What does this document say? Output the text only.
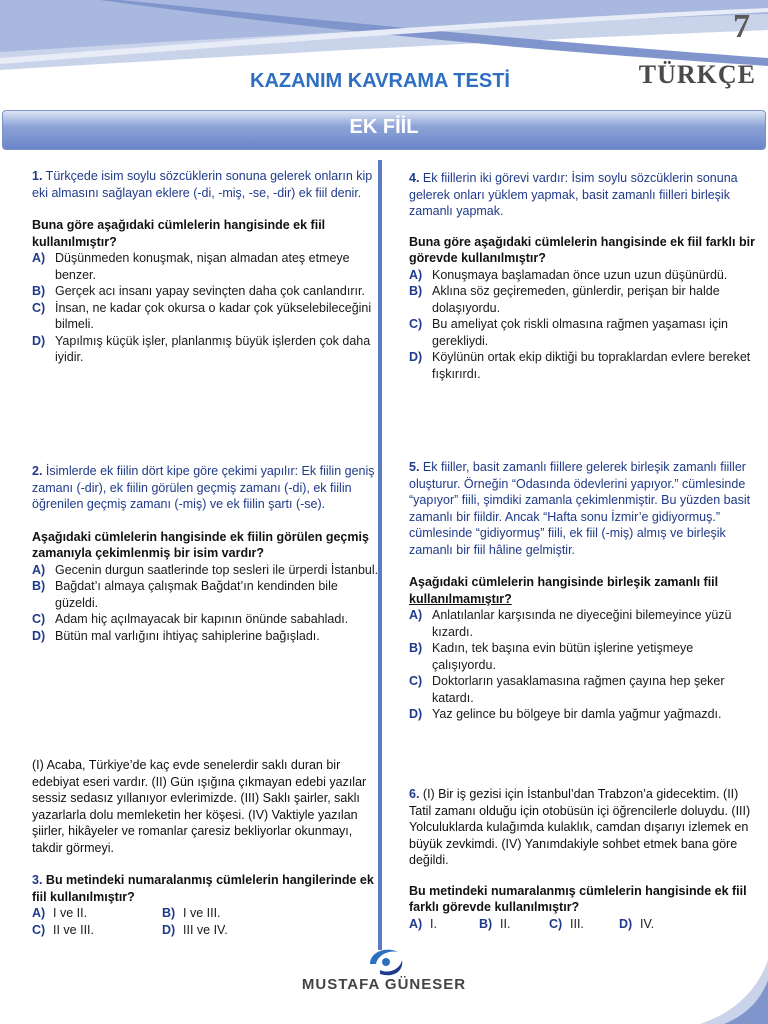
7
TÜRKÇE
KAZANIM KAVRAMA TESTİ
EK FİİL
1. Türkçede isim soylu sözcüklerin sonuna gelerek onların kip eki almasını sağlayan eklere (-di, -miş, -se, -dir) ek fiil denir.
Buna göre aşağıdaki cümlelerin hangisinde ek fiil kullanılmıştır?
A) Düşünmeden konuşmak, nişan almadan ateş etmeye benzer.
B) Gerçek acı insanı yapay sevinçten daha çok canlandırır.
C) İnsan, ne kadar çok okursa o kadar çok yükselebileceğini bilmeli.
D) Yapılmış küçük işler, planlanmış büyük işlerden çok daha iyidir.
2. İsimlerde ek fiilin dört kipe göre çekimi yapılır: Ek fiilin geniş zamanı (-dir), ek fiilin görülen geçmiş zamanı (-di), ek fiilin öğrenilen geçmiş zamanı (-miş) ve ek fiilin şartı (-se).
Aşağıdaki cümlelerin hangisinde ek fiilin görülen geçmiş zamanıyla çekimlenmiş bir isim vardır?
A) Gecenin durgun saatlerinde top sesleri ile ürperdi İstanbul.
B) Bağdat’ı almaya çalışmak Bağdat’ın kendinden bile güzeldi.
C) Adam hiç açılmayacak bir kapının önünde sabahladı.
D) Bütün mal varlığını ihtiyaç sahiplerine bağışladı.
(I) Acaba, Türkiye’de kaç evde senelerdir saklı duran bir edebiyat eseri vardır. (II) Gün ışığına çıkmayan edebi yazılar sessiz sedasız yıllanıyor evlerimizde. (III) Saklı şairler, saklı yazarlarla dolu memleketin her köşesi. (IV) Vaktiyle yazılan şiirler, hikâyeler ve romanlar çaresiz bekliyorlar okunmayı, takdir görmeyi.
3. Bu metindeki numaralanmış cümlelerin hangilerinde ek fiil kullanılmıştır?
A) I ve II.	B) I ve III.
C) II ve III.	D) III ve IV.
4. Ek fiillerin iki görevi vardır: İsim soylu sözcüklerin sonuna gelerek onları yüklem yapmak, basit zamanlı fiilleri birleşik zamanlı yapmak.
Buna göre aşağıdaki cümlelerin hangisinde ek fiil farklı bir görevde kullanılmıştır?
A) Konuşmaya başlamadan önce uzun uzun düşünürdü.
B) Aklına söz geçiremeden, günlerdir, perişan bir halde dolaşıyordu.
C) Bu ameliyat çok riskli olmasına rağmen yaşaması için gerekliydi.
D) Köylünün ortak ekip diktiği bu topraklardan evlere bereket fışkırırdı.
5. Ek fiiller, basit zamanlı fiillere gelerek birleşik zamanlı fiiller oluşturur. Örneğin “Odasında ödevlerini yapıyor.” cümlesinde “yapıyor” fiili, şimdiki zamanla çekimlenmiştir. Bu yüzden basit zamanlı bir fiildir. Ancak “Hafta sonu İzmir’e gidiyormuş.” cümlesinde “gidiyormuş” fiili, ek fiil (-miş) almış ve birleşik zamanlı bir fiil hâline gelmiştir.
Aşağıdaki cümlelerin hangisinde birleşik zamanlı fiil kullanılmamıştır?
A) Anlatılanlar karşısında ne diyeceğini bilemeyince yüzü kızardı.
B) Kadın, tek başına evin bütün işlerine yetişmeye çalışıyordu.
C) Doktorların yasaklamasına rağmen çayına hep şeker katardı.
D) Yaz gelince bu bölgeye bir damla yağmur yağmazdı.
6. (I) Bir iş gezisi için İstanbul’dan Trabzon’a gidecektim. (II) Tatil zamanı olduğu için otobüsün içi öğrencilerle doluydu. (III) Yolculuklarda kulağımda kulaklık, camdan dışarıyı izlemek en büyük zevkimdi. (IV) Yanımdakiyle sohbet etmek bana göre değildi.
Bu metindeki numaralanmış cümlelerin hangisinde ek fiil farklı görevde kullanılmıştır?
A) I.	B) II.	C) III.	D) IV.
MUSTAFA GÜNESER
